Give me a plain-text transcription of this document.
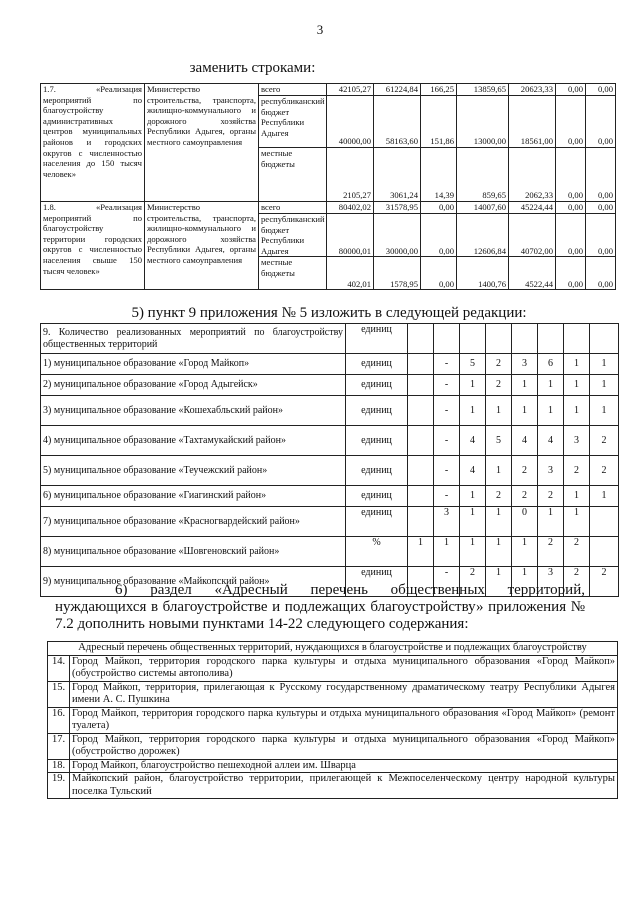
3
заменить строками:
1.7. «Реализация мероприятий по благоустройству административных центров муниципальных районов и городских округов с численностью населения до 150 тысяч человек»	Министерство строительства, транспорта, жилищно-коммунального и дорожного хозяйства Республики Адыгея, органы местного самоуправления	всего	42105,27	61224,84	166,25	13859,65	20623,33	0,00	0,00
		республиканский бюджет Республики Адыгея	40000,00	58163,60	151,86	13000,00	18561,00	0,00	0,00
		местные бюджеты	2105,27	3061,24	14,39	859,65	2062,33	0,00	0,00
1.8. «Реализация мероприятий по благоустройству территории городских округов с численностью населения свыше 150 тысяч человек»	Министерство строительства, транспорта, жилищно-коммунального и дорожного хозяйства Республики Адыгея, органы местного самоуправления	всего	80402,02	31578,95	0,00	14007,60	45224,44	0,00	0,00
		республиканский бюджет Республики Адыгея	80000,01	30000,00	0,00	12606,84	40702,00	0,00	0,00
		местные бюджеты	402,01	1578,95	0,00	1400,76	4522,44	0,00	0,00
5) пункт 9 приложения № 5 изложить в следующей редакции:
9. Количество реализованных мероприятий по благоустройству общественных территорий	единиц								
1) муниципальное образование «Город Майкоп»	единиц		-	5	2	3	6	1	1
2) муниципальное образование «Город Адыгейск»	единиц		-	1	2	1	1	1	1
3) муниципальное образование «Кошехабльский район»	единиц		-	1	1	1	1	1	1
4) муниципальное образование «Тахтамукайский район»	единиц		-	4	5	4	4	3	2
5) муниципальное образование «Теучежский район»	единиц		-	4	1	2	3	2	2
6) муниципальное образование «Гиагинский район»	единиц		-	1	2	2	2	1	1
7) муниципальное образование «Красногвардейский район»	единиц		3	1	1	0	1	1	
8) муниципальное образование «Шовгеновский район»	%	1	1	1	1	1	2	2	
9) муниципальное образование «Майкопский район»	единиц		-	2	1	1	3	2	2
6) раздел «Адресный перечень общественных территорий, нуждающихся в благоустройстве и подлежащих благоустройству» приложения № 7.2 дополнить новыми пунктами 14-22 следующего содержания:
Адресный перечень общественных территорий, нуждающихся в благоустройстве и подлежащих благоустройству	
14.	Город Майкоп, территория городского парка культуры и отдыха муниципального образования «Город Майкоп» (обустройство системы автополива)
15.	Город Майкоп, территория, прилегающая к Русскому государственному драматическому театру Республики Адыгея имени А. С. Пушкина
16.	Город Майкоп, территория городского парка культуры и отдыха муниципального образования «Город Майкоп» (ремонт туалета)
17.	Город Майкоп, территория городского парка культуры и отдыха муниципального образования «Город Майкоп» (обустройство дорожек)
18.	Город Майкоп, благоустройство пешеходной аллеи им. Шварца
19.	Майкопский район, благоустройство территории, прилегающей к Межпоселенческому центру народной культуры поселка Тульский
